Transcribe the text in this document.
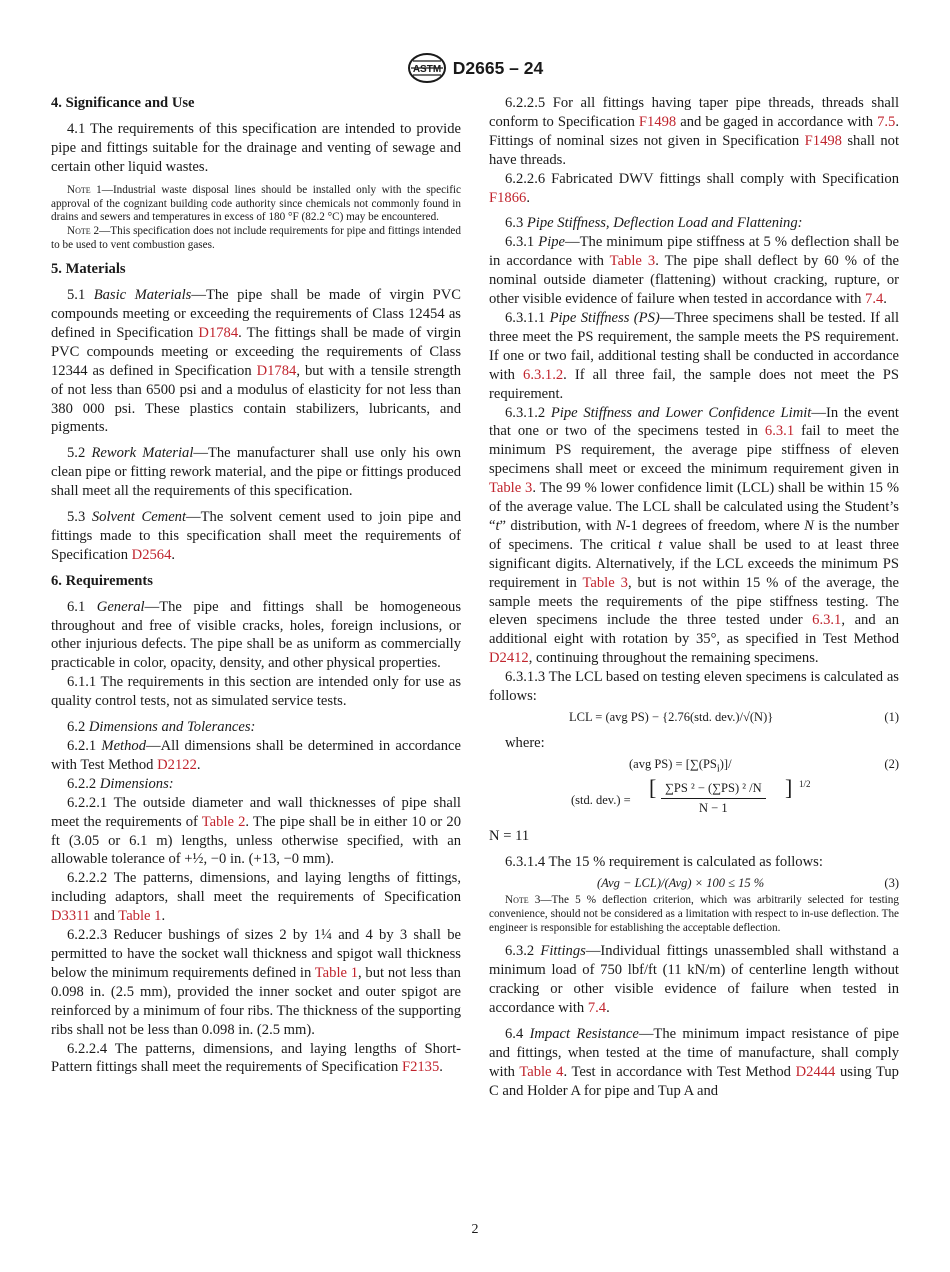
ASTM D2665 – 24
4. Significance and Use

4.1 The requirements of this specification are intended to provide pipe and fittings suitable for the drainage and venting of sewage and certain other liquid wastes.

Note 1—Industrial waste disposal lines should be installed only with the specific approval of the cognizant building code authority since chemicals not commonly found in drains and sewers and temperatures in excess of 180 °F (82.2 °C) may be encountered.

Note 2—This specification does not include requirements for pipe and fittings intended to be used to vent combustion gases.

5. Materials

5.1 Basic Materials—The pipe shall be made of virgin PVC compounds meeting or exceeding the requirements of Class 12454 as defined in Specification D1784. The fittings shall be made of virgin PVC compounds meeting or exceeding the requirements of Class 12344 as defined in Specification D1784, but with a tensile strength of not less than 6500 psi and a modulus of elasticity for not less than 380 000 psi. These plastics contain stabilizers, lubricants, and pigments.

5.2 Rework Material—The manufacturer shall use only his own clean pipe or fitting rework material, and the pipe or fittings produced shall meet all the requirements of this specification.

5.3 Solvent Cement—The solvent cement used to join pipe and fittings made to this specification shall meet the requirements of Specification D2564.

6. Requirements

6.1 General—The pipe and fittings shall be homogeneous throughout and free of visible cracks, holes, foreign inclusions, or other injurious defects. The pipe shall be as uniform as commercially practicable in color, opacity, density, and other physical properties.

6.1.1 The requirements in this section are intended only for use as quality control tests, not as simulated service tests.

6.2 Dimensions and Tolerances:

6.2.1 Method—All dimensions shall be determined in accordance with Test Method D2122.

6.2.2 Dimensions:

6.2.2.1 The outside diameter and wall thicknesses of pipe shall meet the requirements of Table 2. The pipe shall be in either 10 or 20 ft (3.05 or 6.1 m) lengths, unless otherwise specified, with an allowable tolerance of +½, −0 in. (+13, −0 mm).

6.2.2.2 The patterns, dimensions, and laying lengths of fittings, including adaptors, shall meet the requirements of Specification D3311 and Table 1.

6.2.2.3 Reducer bushings of sizes 2 by 1¼ and 4 by 3 shall be permitted to have the socket wall thickness and spigot wall thickness below the minimum requirements defined in Table 1, but not less than 0.098 in. (2.5 mm), provided the inner socket and outer spigot are reinforced by a minimum of four ribs. The thickness of the supporting ribs shall not be less than 0.098 in. (2.5 mm).

6.2.2.4 The patterns, dimensions, and laying lengths of Short-Pattern fittings shall meet the requirements of Specification F2135.

6.2.2.5 For all fittings having taper pipe threads, threads shall conform to Specification F1498 and be gaged in accordance with 7.5. Fittings of nominal sizes not given in Specification F1498 shall not have threads.

6.2.2.6 Fabricated DWV fittings shall comply with Specification F1866.

6.3 Pipe Stiffness, Deflection Load and Flattening:

6.3.1 Pipe—The minimum pipe stiffness at 5 % deflection shall be in accordance with Table 3. The pipe shall deflect by 60 % of the nominal outside diameter (flattening) without cracking, rupture, or other visible evidence of failure when tested in accordance with 7.4.

6.3.1.1 Pipe Stiffness (PS)—Three specimens shall be tested. If all three meet the PS requirement, the sample meets the PS requirement. If one or two fail, additional testing shall be conducted in accordance with 6.3.1.2. If all three fail, the sample does not meet the PS requirement.

6.3.1.2 Pipe Stiffness and Lower Confidence Limit—In the event that one or two of the specimens tested in 6.3.1 fail to meet the minimum PS requirement, the average pipe stiffness of eleven specimens shall meet or exceed the minimum requirement given in Table 3. The 99 % lower confidence limit (LCL) shall be within 15 % of the average value. The LCL shall be calculated using the Student’s “t” distribution, with N-1 degrees of freedom, where N is the number of specimens. The critical t value shall be used to at least three significant digits. Alternatively, if the LCL exceeds the minimum PS requirement in Table 3, but is not within 15 % of the average, the sample meets the requirements of the pipe stiffness testing. The eleven specimens include the three tested under 6.3.1, and an additional eight with rotation by 35°, as specified in Test Method D2412, continuing throughout the remaining specimens.

6.3.1.3 The LCL based on testing eleven specimens is calculated as follows:

LCL = (avg PS) − {2.76(std. dev.)/√(N)}	(1)

where:

(avg $PS) = [\sum(PS_i)]/$	(2)
(std. dev.) = [ $\frac{\text{∑PS ² − (∑PS) ² /N}}{N - 1}$ ] 1/2

N = 11

6.3.1.4 The 15 % requirement is calculated as follows:

(Avg − LCL)/(Avg) × 100 ≤ 15 %	(3)

Note 3—The 5 % deflection criterion, which was arbitrarily selected for testing convenience, should not be considered as a limitation with respect to in-use deflection. The engineer is responsible for establishing the acceptable deflection.

6.3.2 Fittings—Individual fittings unassembled shall withstand a minimum load of 750 lbf/ft (11 kN/m) of centerline length without cracking or other visible evidence of failure when tested in accordance with 7.4.

6.4 Impact Resistance—The minimum impact resistance of pipe and fittings, when tested at the time of manufacture, shall comply with Table 4. Test in accordance with Test Method D2444 using Tup C and Holder A for pipe and Tup A and

2
